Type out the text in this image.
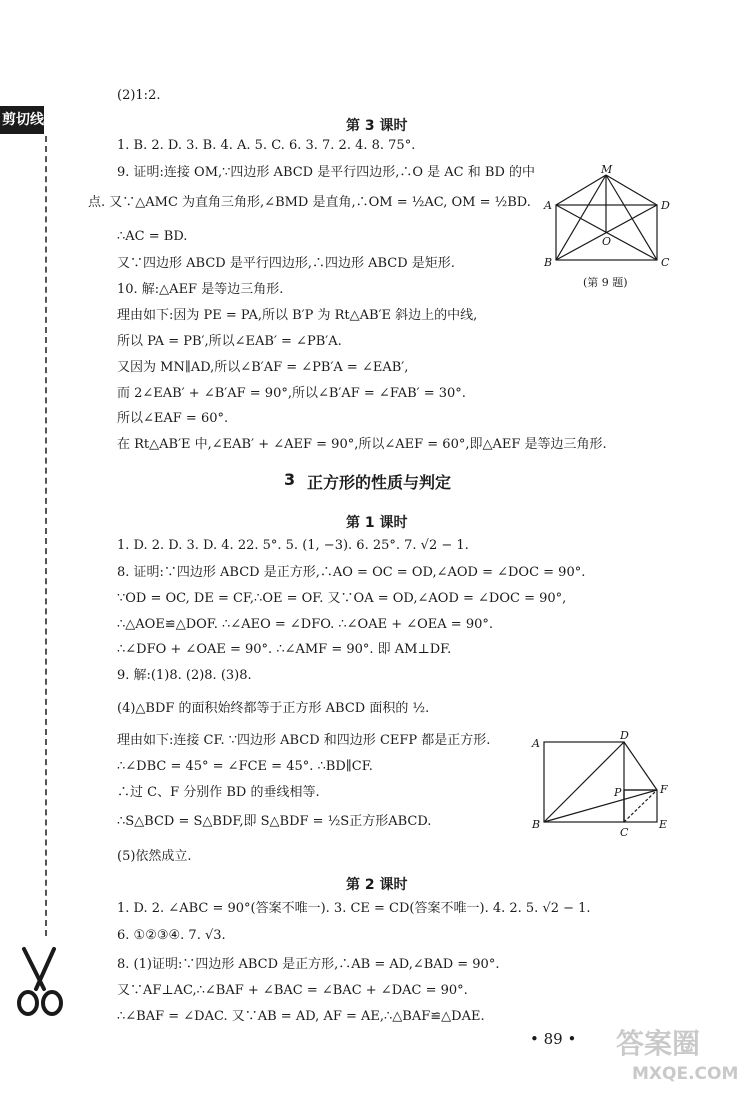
剪切线
(2)1:2.
第 3 课时
1. B. 2. D. 3. B. 4. A. 5. C. 6. 3. 7. 2. 4. 8. 75°.
9. 证明:连接 OM,∵四边形 ABCD 是平行四边形,∴O 是 AC 和 BD 的中
点. 又∵△AMC 为直角三角形,∠BMD 是直角,∴OM = ½AC, OM = ½BD.
∴AC = BD.
又∵四边形 ABCD 是平行四边形,∴四边形 ABCD 是矩形.
10. 解:△AEF 是等边三角形.
理由如下:因为 PE = PA,所以 B′P 为 Rt△AB′E 斜边上的中线,
所以 PA = PB′,所以∠EAB′ = ∠PB′A.
又因为 MN∥AD,所以∠B′AF = ∠PB′A = ∠EAB′,
而 2∠EAB′ + ∠B′AF = 90°,所以∠B′AF = ∠FAB′ = 30°.
所以∠EAF = 60°.
在 Rt△AB′E 中,∠EAB′ + ∠AEF = 90°,所以∠AEF = 60°,即△AEF 是等边三角形.
M
A	D
O
B	C
(第 9 题)
3 正方形的性质与判定
第 1 课时
1. D. 2. D. 3. D. 4. 22. 5°. 5. (1, −3). 6. 25°. 7. √2 − 1.
8. 证明:∵四边形 ABCD 是正方形,∴AO = OC = OD,∠AOD = ∠DOC = 90°.
∵OD = OC, DE = CF,∴OE = OF. 又∵OA = OD,∠AOD = ∠DOC = 90°,
∴△AOE≌△DOF. ∴∠AEO = ∠DFO. ∴∠OAE + ∠OEA = 90°.
∴∠DFO + ∠OAE = 90°. ∴∠AMF = 90°. 即 AM⊥DF.
9. 解:(1)8. (2)8. (3)8.
(4)△BDF 的面积始终都等于正方形 ABCD 面积的 ½.
理由如下:连接 CF. ∵四边形 ABCD 和四边形 CEFP 都是正方形.
∴∠DBC = 45° = ∠FCE = 45°. ∴BD∥CF.
∴过 C、F 分别作 BD 的垂线相等.
∴S△BCD = S△BDF,即 S△BDF = ½S正方形ABCD.
(5)依然成立.
A
D
P	F
B
C
E
第 2 课时
1. D. 2. ∠ABC = 90°(答案不唯一). 3. CE = CD(答案不唯一). 4. 2. 5. √2 − 1.
6. ①②③④. 7. √3.
8. (1)证明:∵四边形 ABCD 是正方形,∴AB = AD,∠BAD = 90°.
又∵AF⊥AC,∴∠BAF + ∠BAC = ∠BAC + ∠DAC = 90°.
∴∠BAF = ∠DAC. 又∵AB = AD, AF = AE,∴△BAF≌△DAE.
• 89 • 答案圈
MXQE.COM
